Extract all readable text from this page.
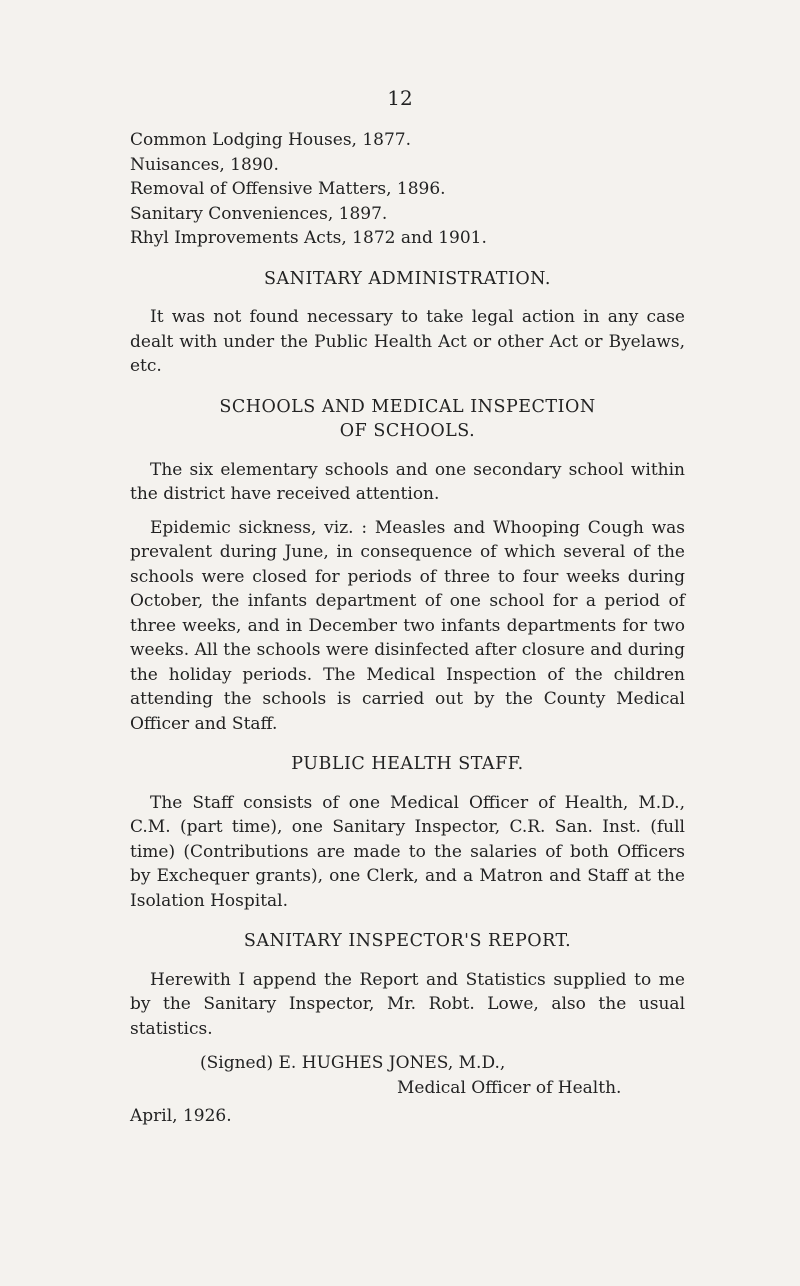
12
Common Lodging Houses, 1877.
Nuisances, 1890.
Removal of Offensive Matters, 1896.
Sanitary Conveniences, 1897.
Rhyl Improvements Acts, 1872 and 1901.
SANITARY ADMINISTRATION.

It was not found necessary to take legal action in any case dealt with under the Public Health Act or other Act or Byelaws, etc.

SCHOOLS AND MEDICAL INSPECTION
OF SCHOOLS.

The six elementary schools and one secondary school within the district have received attention.

Epidemic sickness, viz. : Measles and Whooping Cough was prevalent during June, in consequence of which several of the schools were closed for periods of three to four weeks during October, the infants department of one school for a period of three weeks, and in December two infants departments for two weeks. All the schools were disinfected after closure and during the holiday periods. The Medical Inspection of the children attending the schools is carried out by the County Medical Officer and Staff.

PUBLIC HEALTH STAFF.

The Staff consists of one Medical Officer of Health, M.D., C.M. (part time), one Sanitary Inspector, C.R. San. Inst. (full time) (Contributions are made to the salaries of both Officers by Exchequer grants), one Clerk, and a Matron and Staff at the Isolation Hospital.

SANITARY INSPECTOR'S REPORT.

Herewith I append the Report and Statistics supplied to me by the Sanitary Inspector, Mr. Robt. Lowe, also the usual statistics.

(Signed) E. HUGHES JONES, M.D.,
Medical Officer of Health.
April, 1926.
